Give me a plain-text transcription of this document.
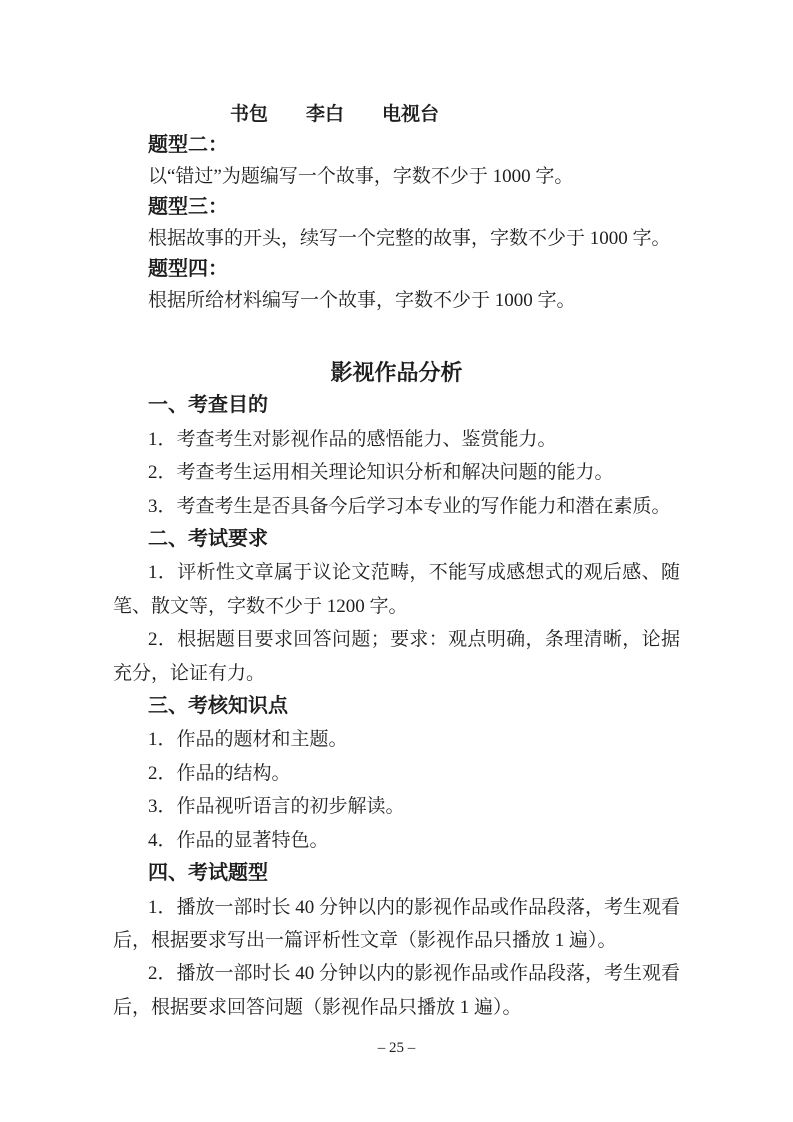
书包　　李白　　电视台

题型二：

以“错过”为题编写一个故事，字数不少于 1000 字。

题型三：

根据故事的开头，续写一个完整的故事，字数不少于 1000 字。

题型四：

根据所给材料编写一个故事，字数不少于 1000 字。

影视作品分析

一、考查目的

1．考查考生对影视作品的感悟能力、鉴赏能力。

2．考查考生运用相关理论知识分析和解决问题的能力。

3．考查考生是否具备今后学习本专业的写作能力和潜在素质。

二、考试要求

1．评析性文章属于议论文范畴，不能写成感想式的观后感、随笔、散文等，字数不少于 1200 字。

2．根据题目要求回答问题；要求：观点明确，条理清晰，论据充分，论证有力。

三、考核知识点

1．作品的题材和主题。

2．作品的结构。

3．作品视听语言的初步解读。

4．作品的显著特色。

四、考试题型

1．播放一部时长 40 分钟以内的影视作品或作品段落，考生观看后，根据要求写出一篇评析性文章（影视作品只播放 1 遍）。

2．播放一部时长 40 分钟以内的影视作品或作品段落，考生观看后，根据要求回答问题（影视作品只播放 1 遍）。

– 25 –
